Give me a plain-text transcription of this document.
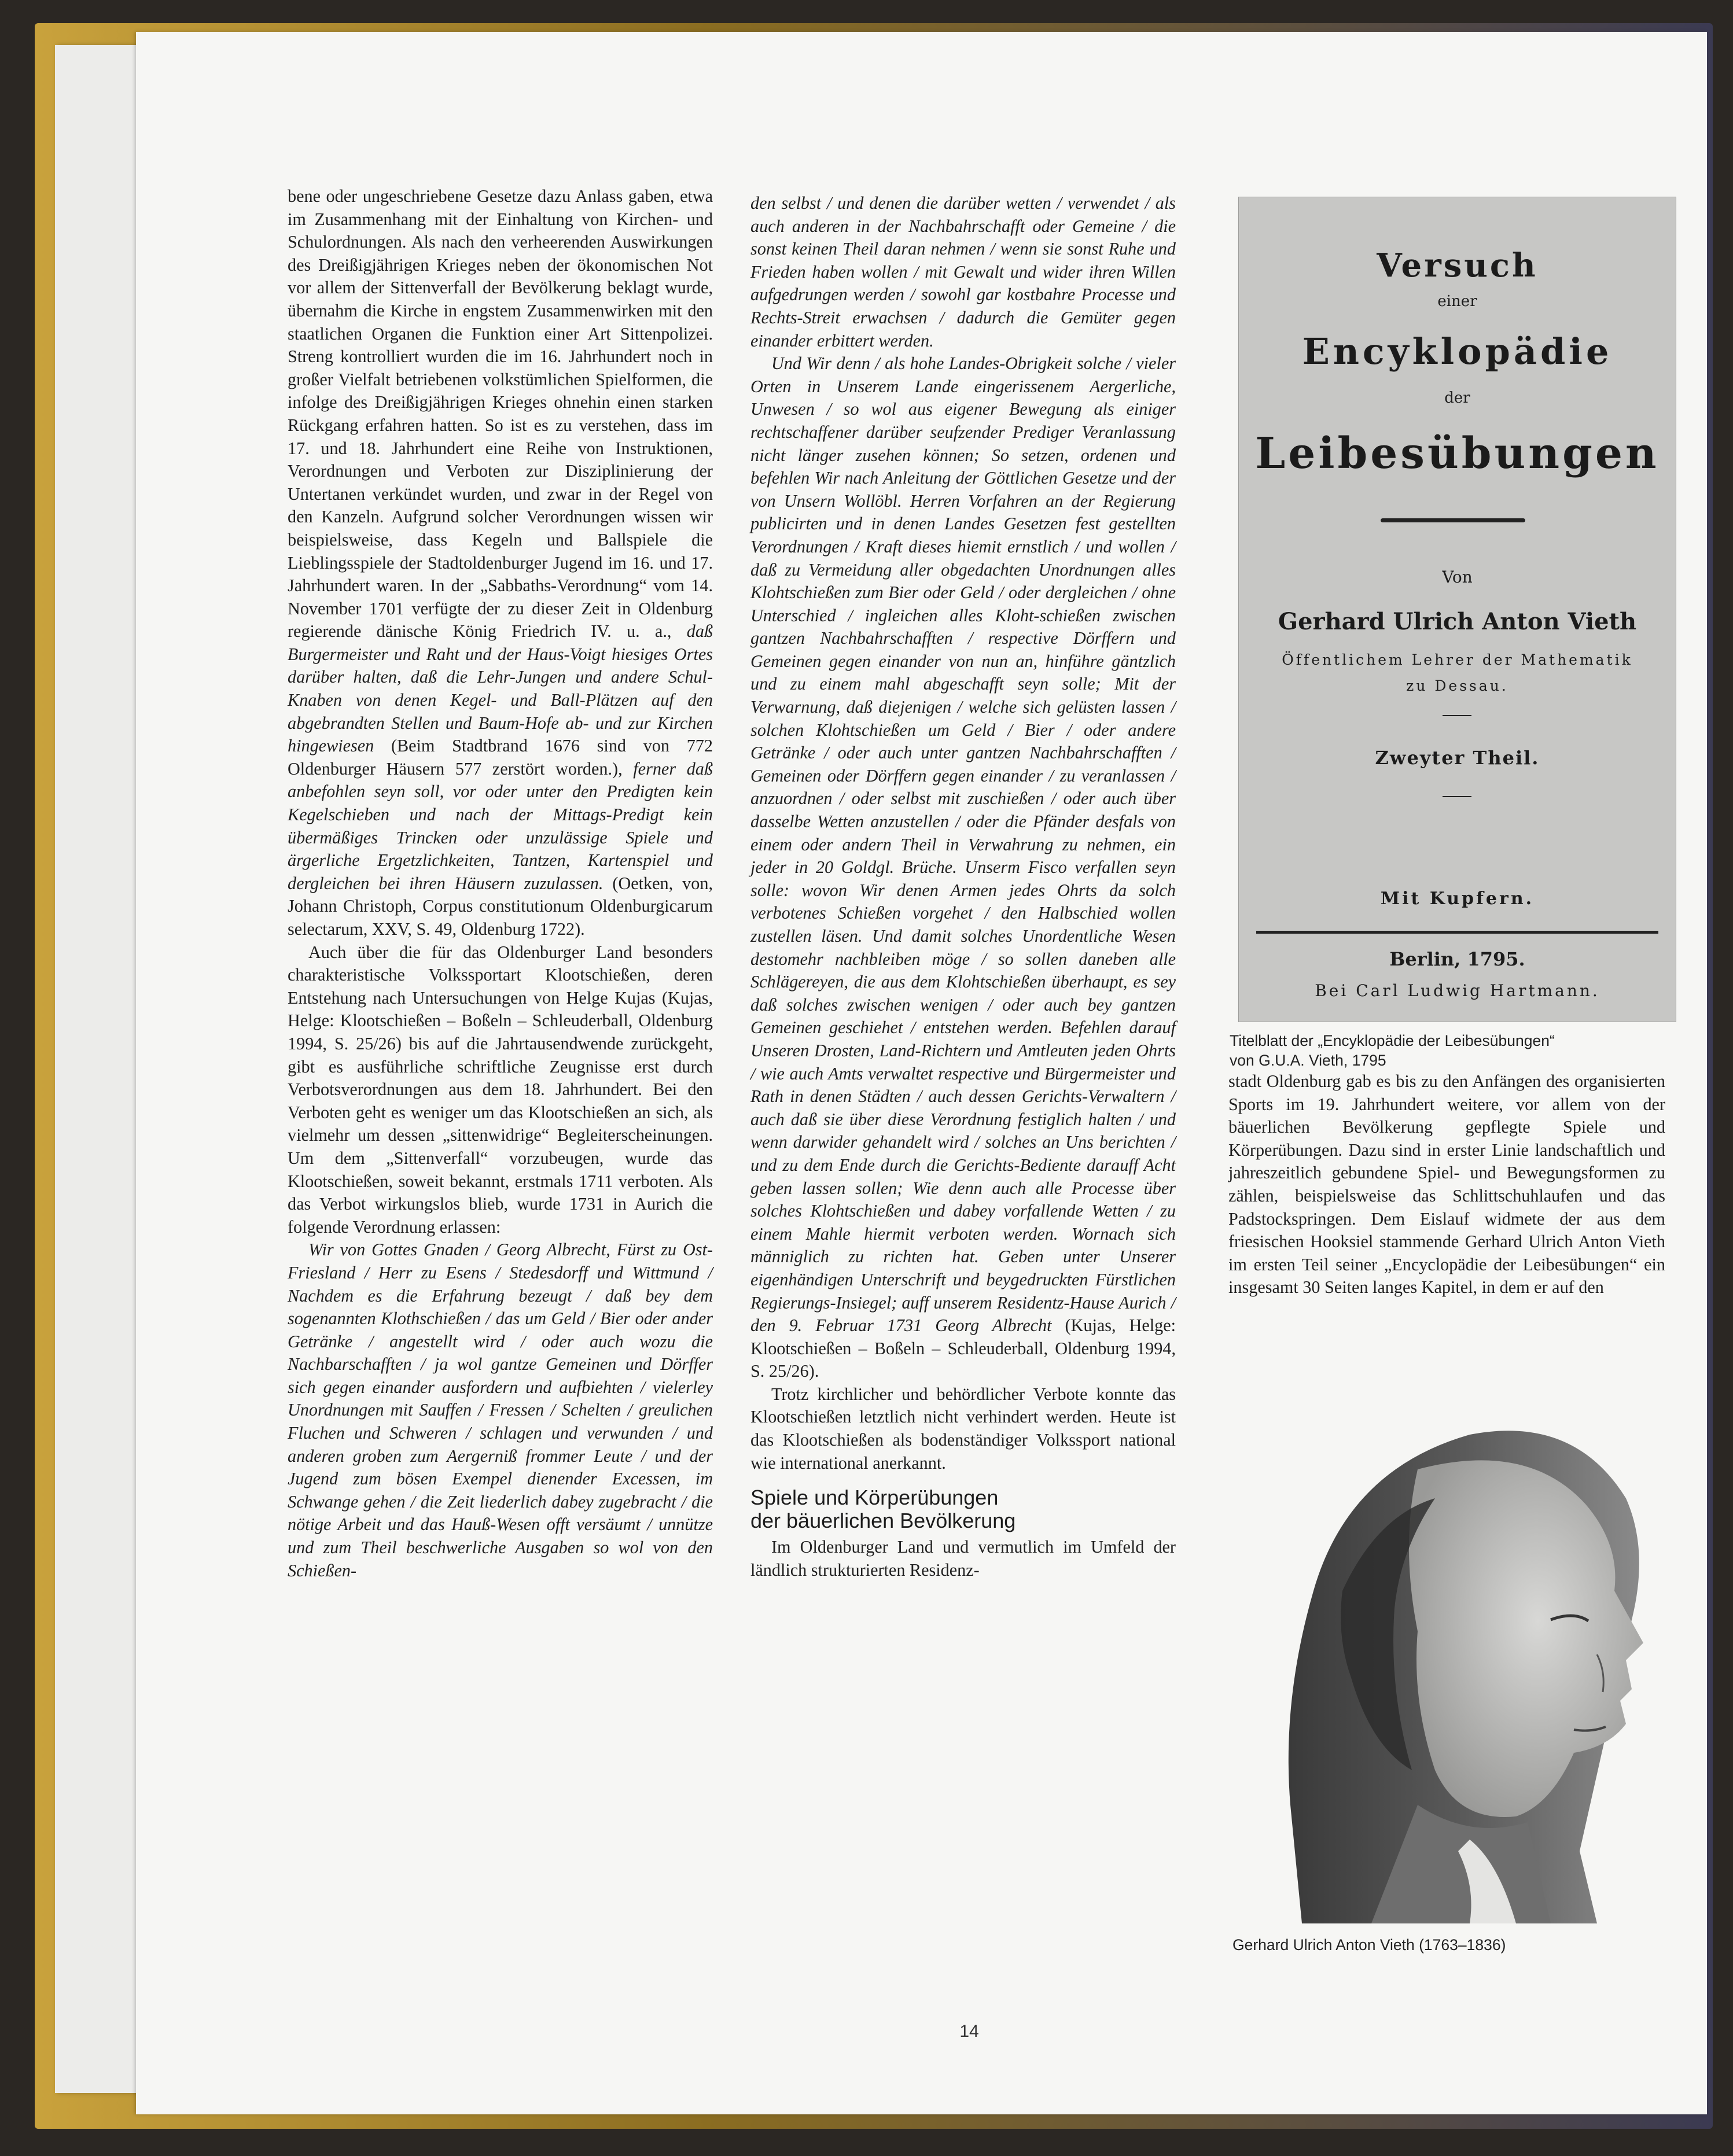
bene oder ungeschriebene Gesetze dazu Anlass gaben, etwa im Zusammenhang mit der Einhaltung von Kirchen- und Schulordnungen. Als nach den verheerenden Auswirkungen des Dreißigjährigen Krieges neben der ökonomischen Not vor allem der Sittenverfall der Bevölkerung beklagt wurde, übernahm die Kirche in engstem Zusammenwirken mit den staatlichen Organen die Funktion einer Art Sittenpolizei. Streng kontrolliert wurden die im 16. Jahrhundert noch in großer Vielfalt betriebenen volkstümlichen Spielformen, die infolge des Dreißigjährigen Krieges ohnehin einen starken Rückgang erfahren hatten. So ist es zu verstehen, dass im 17. und 18. Jahrhundert eine Reihe von Instruktionen, Verordnungen und Verboten zur Disziplinierung der Untertanen verkündet wurden, und zwar in der Regel von den Kanzeln. Aufgrund solcher Verordnungen wissen wir beispielsweise, dass Kegeln und Ballspiele die Lieblingsspiele der Stadtoldenburger Jugend im 16. und 17. Jahrhundert waren. In der „Sabbaths-Verordnung“ vom 14. November 1701 verfügte der zu dieser Zeit in Oldenburg regierende dänische König Friedrich IV. u. a., daß Burgermeister und Raht und der Haus-Voigt hiesiges Ortes darüber halten, daß die Lehr-Jungen und andere Schul-Knaben von denen Kegel- und Ball-Plätzen auf den abgebrandten Stellen und Baum-Hofe ab- und zur Kirchen hingewiesen (Beim Stadtbrand 1676 sind von 772 Oldenburger Häusern 577 zerstört worden.), ferner daß anbefohlen seyn soll, vor oder unter den Predigten kein Kegelschieben und nach der Mittags-Predigt kein übermäßiges Trincken oder unzulässige Spiele und ärgerliche Ergetzlichkeiten, Tantzen, Kartenspiel und dergleichen bei ihren Häusern zuzulassen. (Oetken, von, Johann Christoph, Corpus constitutionum Oldenburgicarum selectarum, XXV, S. 49, Oldenburg 1722).

Auch über die für das Oldenburger Land besonders charakteristische Volkssportart Klootschießen, deren Entstehung nach Untersuchungen von Helge Kujas (Kujas, Helge: Klootschießen – Boßeln – Schleuderball, Oldenburg 1994, S. 25/26) bis auf die Jahrtausendwende zurückgeht, gibt es ausführliche schriftliche Zeugnisse erst durch Verbotsverordnungen aus dem 18. Jahrhundert. Bei den Verboten geht es weniger um das Klootschießen an sich, als vielmehr um dessen „sittenwidrige“ Begleiterscheinungen. Um dem „Sittenverfall“ vorzubeugen, wurde das Klootschießen, soweit bekannt, erstmals 1711 verboten. Als das Verbot wirkungslos blieb, wurde 1731 in Aurich die folgende Verordnung erlassen:

Wir von Gottes Gnaden / Georg Albrecht, Fürst zu Ost-Friesland / Herr zu Esens / Stedesdorff und Wittmund / Nachdem es die Erfahrung bezeugt / daß bey dem sogenannten Klothschießen / das um Geld / Bier oder ander Getränke / angestellt wird / oder auch wozu die Nachbarschafften / ja wol gantze Gemeinen und Dörffer sich gegen einander ausfordern und aufbiehten / vielerley Unordnungen mit Sauffen / Fressen / Schelten / greulichen Fluchen und Schweren / schlagen und verwunden / und anderen groben zum Aergerniß frommer Leute / und der Jugend zum bösen Exempel dienender Excessen, im Schwange gehen / die Zeit liederlich dabey zugebracht / die nötige Arbeit und das Hauß-Wesen offt versäumt / unnütze und zum Theil beschwerliche Ausgaben so wol von den Schießen-

den selbst / und denen die darüber wetten / verwendet / als auch anderen in der Nachbahrschafft oder Gemeine / die sonst keinen Theil daran nehmen / wenn sie sonst Ruhe und Frieden haben wollen / mit Gewalt und wider ihren Willen aufgedrungen werden / sowohl gar kostbahre Processe und Rechts-Streit erwachsen / dadurch die Gemüter gegen einander erbittert werden.

Und Wir denn / als hohe Landes-Obrigkeit solche / vieler Orten in Unserem Lande eingerissenem Aergerliche, Unwesen / so wol aus eigener Bewegung als einiger rechtschaffener darüber seufzender Prediger Veranlassung nicht länger zusehen können; So setzen, ordenen und befehlen Wir nach Anleitung der Göttlichen Gesetze und der von Unsern Wollöbl. Herren Vorfahren an der Regierung publicirten und in denen Landes Gesetzen fest gestellten Verordnungen / Kraft dieses hiemit ernstlich / und wollen / daß zu Vermeidung aller obgedachten Unordnungen alles Klohtschießen zum Bier oder Geld / oder dergleichen / ohne Unterschied / ingleichen alles Kloht-schießen zwischen gantzen Nachbahrschafften / respective Dörffern und Gemeinen gegen einander von nun an, hinführe gäntzlich und zu einem mahl abgeschafft seyn solle; Mit der Verwarnung, daß diejenigen / welche sich gelüsten lassen / solchen Klohtschießen um Geld / Bier / oder andere Getränke / oder auch unter gantzen Nachbahrschafften / Gemeinen oder Dörffern gegen einander / zu veranlassen / anzuordnen / oder selbst mit zuschießen / oder auch über dasselbe Wetten anzustellen / oder die Pfänder desfals von einem oder andern Theil in Verwahrung zu nehmen, ein jeder in 20 Goldgl. Brüche. Unserm Fisco verfallen seyn solle: wovon Wir denen Armen jedes Ohrts da solch verbotenes Schießen vorgehet / den Halbschied wollen zustellen läsen. Und damit solches Unordentliche Wesen destomehr nachbleiben möge / so sollen daneben alle Schlägereyen, die aus dem Klohtschießen überhaupt, es sey daß solches zwischen wenigen / oder auch bey gantzen Gemeinen geschiehet / entstehen werden. Befehlen darauf Unseren Drosten, Land-Richtern und Amtleuten jeden Ohrts / wie auch Amts verwaltet respective und Bürgermeister und Rath in denen Städten / auch dessen Gerichts-Verwaltern / auch daß sie über diese Verordnung festiglich halten / und wenn darwider gehandelt wird / solches an Uns berichten / und zu dem Ende durch die Gerichts-Bediente darauff Acht geben lassen sollen; Wie denn auch alle Processe über solches Klohtschießen und dabey vorfallende Wetten / zu einem Mahle hiermit verboten werden. Wornach sich männiglich zu richten hat. Geben unter Unserer eigenhändigen Unterschrift und beygedruckten Fürstlichen Regierungs-Insiegel; auff unserem Residentz-Hause Aurich / den 9. Februar 1731 Georg Albrecht (Kujas, Helge: Klootschießen – Boßeln – Schleuderball, Oldenburg 1994, S. 25/26).

Trotz kirchlicher und behördlicher Verbote konnte das Klootschießen letztlich nicht verhindert werden. Heute ist das Klootschießen als bodenständiger Volkssport national wie international anerkannt.

Spiele und Körperübungen
der bäuerlichen Bevölkerung

Im Oldenburger Land und vermutlich im Umfeld der ländlich strukturierten Residenz-

Versuch
einer
Encyklopädie
der
Leibesübungen
Von
Gerhard Ulrich Anton Vieth
Öffentlichem Lehrer der Mathematik
zu Dessau.
Zweyter Theil.
Mit Kupfern.
Berlin, 1795.
Bei Carl Ludwig Hartmann.
Titelblatt der „Encyklopädie der Leibesübungen“
von G.U.A. Vieth, 1795

stadt Oldenburg gab es bis zu den Anfängen des organisierten Sports im 19. Jahrhundert weitere, vor allem von der bäuerlichen Bevölkerung gepflegte Spiele und Körperübungen. Dazu sind in erster Linie landschaftlich und jahreszeitlich gebundene Spiel- und Bewegungsformen zu zählen, beispielsweise das Schlittschuhlaufen und das Padstockspringen. Dem Eislauf widmete der aus dem friesischen Hooksiel stammende Gerhard Ulrich Anton Vieth im ersten Teil seiner „Encyclopädie der Leibesübungen“ ein insgesamt 30 Seiten langes Kapitel, in dem er auf den

Gerhard Ulrich Anton Vieth (1763–1836)
14
